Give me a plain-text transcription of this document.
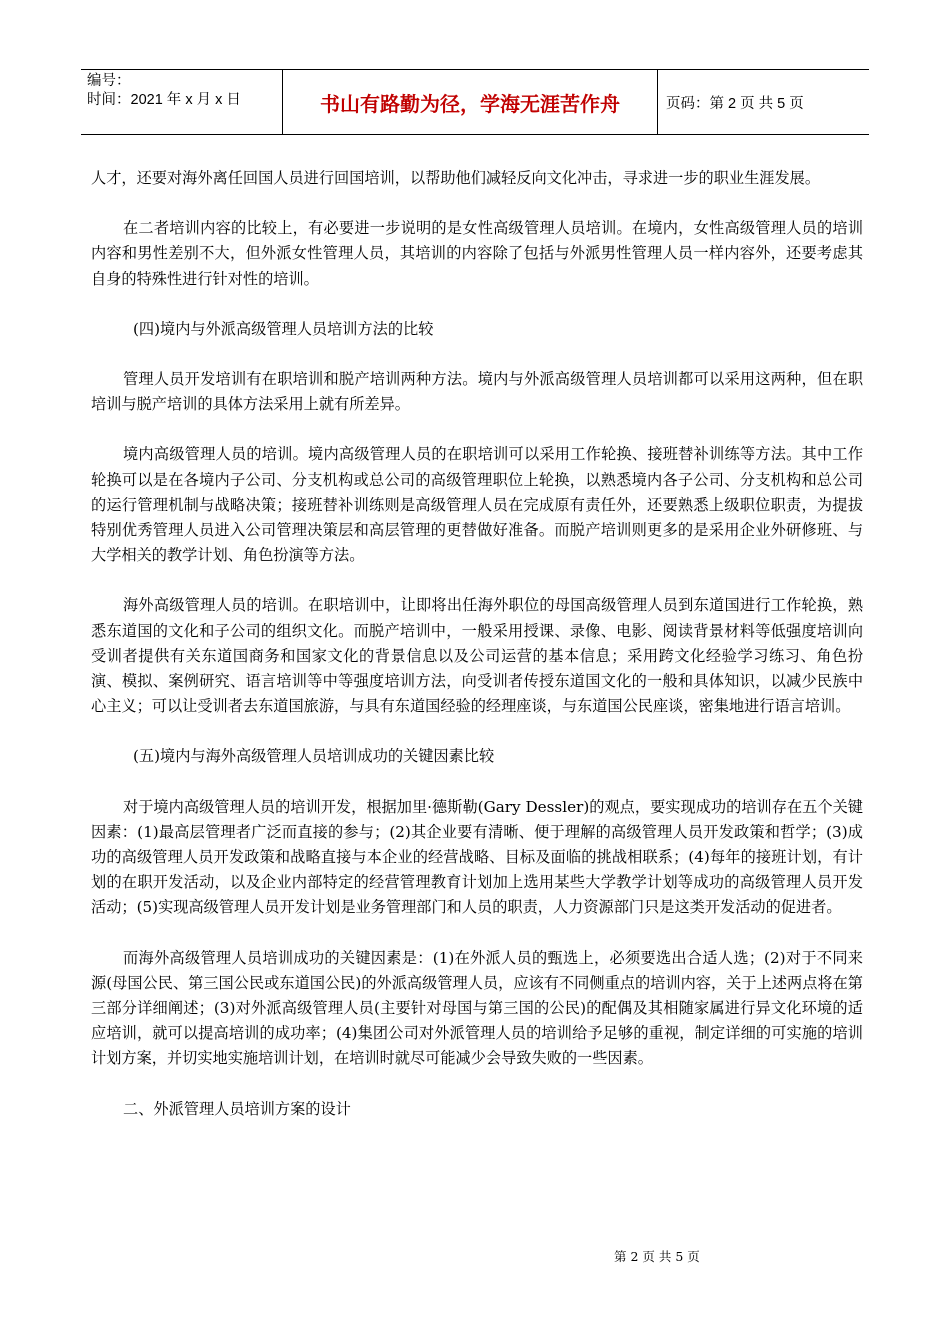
编号：
时间：2021 年 x 月 x 日	书山有路勤为径，学海无涯苦作舟	页码：第 2 页 共 5 页

人才，还要对海外离任回国人员进行回国培训，以帮助他们减轻反向文化冲击，寻求进一步的职业生涯发展。

在二者培训内容的比较上，有必要进一步说明的是女性高级管理人员培训。在境内，女性高级管理人员的培训内容和男性差别不大，但外派女性管理人员，其培训的内容除了包括与外派男性管理人员一样内容外，还要考虑其自身的特殊性进行针对性的培训。

(四)境内与外派高级管理人员培训方法的比较

管理人员开发培训有在职培训和脱产培训两种方法。境内与外派高级管理人员培训都可以采用这两种，但在职培训与脱产培训的具体方法采用上就有所差异。

境内高级管理人员的培训。境内高级管理人员的在职培训可以采用工作轮换、接班替补训练等方法。其中工作轮换可以是在各境内子公司、分支机构或总公司的高级管理职位上轮换，以熟悉境内各子公司、分支机构和总公司的运行管理机制与战略决策；接班替补训练则是高级管理人员在完成原有责任外，还要熟悉上级职位职责，为提拔特别优秀管理人员进入公司管理决策层和高层管理的更替做好准备。而脱产培训则更多的是采用企业外研修班、与大学相关的教学计划、角色扮演等方法。

海外高级管理人员的培训。在职培训中，让即将出任海外职位的母国高级管理人员到东道国进行工作轮换，熟悉东道国的文化和子公司的组织文化。而脱产培训中，一般采用授课、录像、电影、阅读背景材料等低强度培训向受训者提供有关东道国商务和国家文化的背景信息以及公司运营的基本信息；采用跨文化经验学习练习、角色扮演、模拟、案例研究、语言培训等中等强度培训方法，向受训者传授东道国文化的一般和具体知识，以减少民族中心主义；可以让受训者去东道国旅游，与具有东道国经验的经理座谈，与东道国公民座谈，密集地进行语言培训。

(五)境内与海外高级管理人员培训成功的关键因素比较

对于境内高级管理人员的培训开发，根据加里·德斯勒(Gary Dessler)的观点，要实现成功的培训存在五个关键因素：(1)最高层管理者广泛而直接的参与；(2)其企业要有清晰、便于理解的高级管理人员开发政策和哲学；(3)成功的高级管理人员开发政策和战略直接与本企业的经营战略、目标及面临的挑战相联系；(4)每年的接班计划，有计划的在职开发活动，以及企业内部特定的经营管理教育计划加上选用某些大学教学计划等成功的高级管理人员开发活动；(5)实现高级管理人员开发计划是业务管理部门和人员的职责，人力资源部门只是这类开发活动的促进者。

而海外高级管理人员培训成功的关键因素是：(1)在外派人员的甄选上，必须要选出合适人选；(2)对于不同来源(母国公民、第三国公民或东道国公民)的外派高级管理人员，应该有不同侧重点的培训内容，关于上述两点将在第三部分详细阐述；(3)对外派高级管理人员(主要针对母国与第三国的公民)的配偶及其相随家属进行异文化环境的适应培训，就可以提高培训的成功率；(4)集团公司对外派管理人员的培训给予足够的重视，制定详细的可实施的培训计划方案，并切实地实施培训计划，在培训时就尽可能减少会导致失败的一些因素。

二、外派管理人员培训方案的设计

第 2 页 共 5 页
